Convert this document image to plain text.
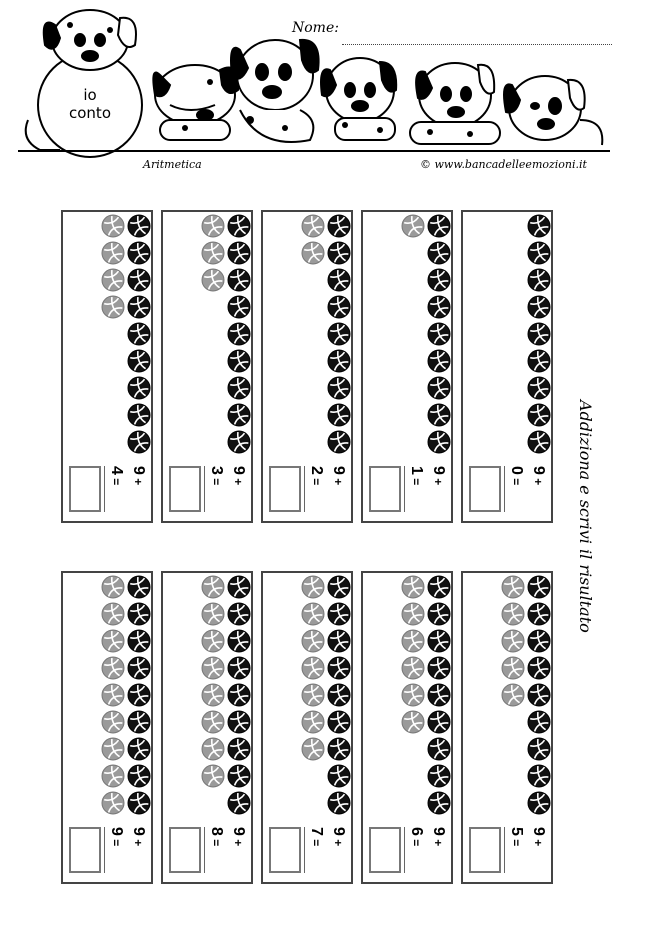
Nome:
io
conto
Aritmetica	© www.bancadelleemozioni.it
Addiziona e scrivi il risultato
9 +
0 =
9 +
1 =
9 +
2 =
9 +
3 =
9 +
4 =
9 +
5 =
9 +
6 =
9 +
7 =
9 +
8 =
9 +
9 =
